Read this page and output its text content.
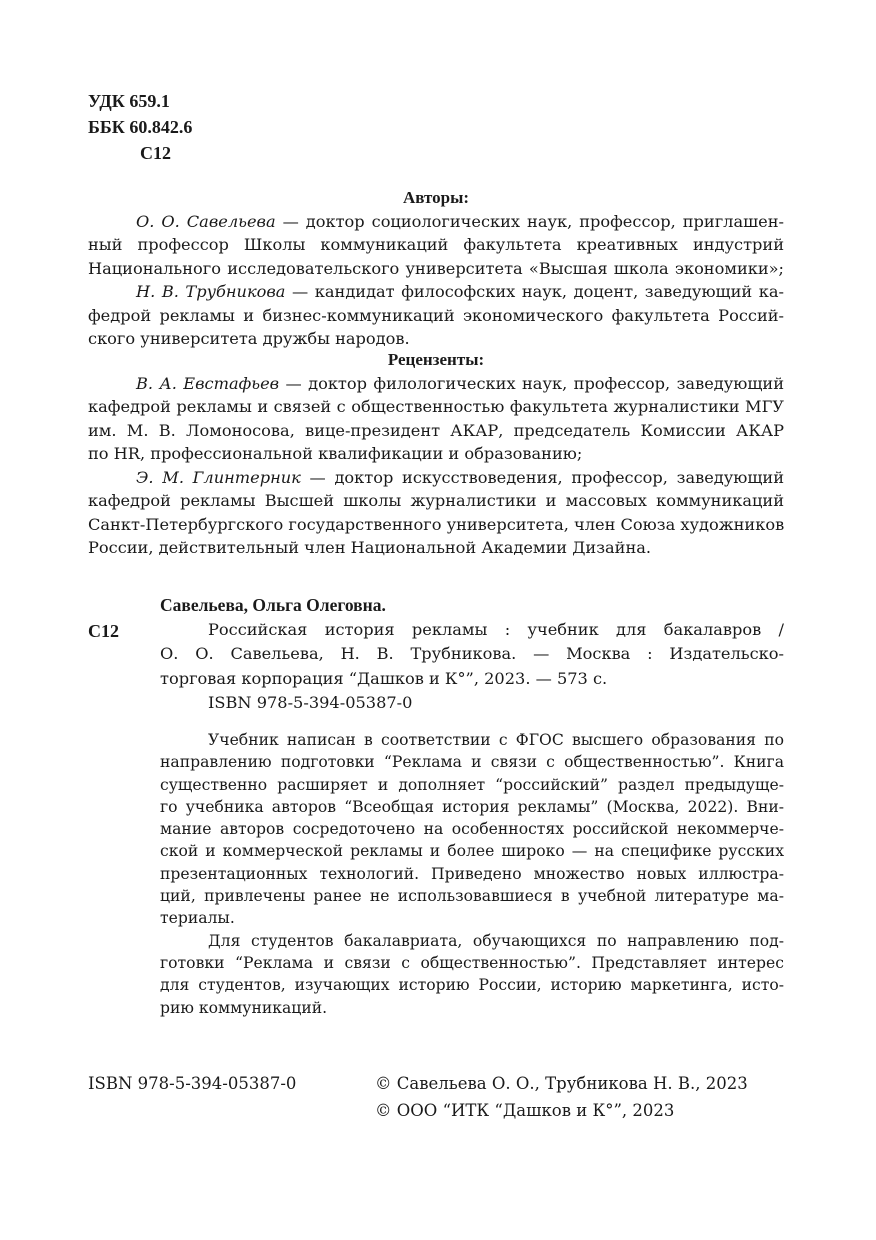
УДК 659.1
ББК 60.842.6
С12
Авторы:
О. О. Савельева — доктор социологических наук, профессор, приглашен-
ный профессор Школы коммуникаций факультета креативных индустрий
Национального исследовательского университета «Высшая школа экономики»;
Н. В. Трубникова — кандидат философских наук, доцент, заведующий ка-
федрой рекламы и бизнес-коммуникаций экономического факультета Россий-
ского университета дружбы народов.
Рецензенты:
В. А. Евстафьев — доктор филологических наук, профессор, заведующий
кафедрой рекламы и связей с общественностью факультета журналистики МГУ
им. М. В. Ломоносова, вице-президент АКАР, председатель Комиссии АКАР
по HR, профессиональной квалификации и образованию;
Э. М. Глинтерник — доктор искусствоведения, профессор, заведующий
кафедрой рекламы Высшей школы журналистики и массовых коммуникаций
Санкт-Петербургского государственного университета, член Союза художников
России, действительный член Национальной Академии Дизайна.
С12
Савельева, Ольга Олеговна.
Российская история рекламы : учебник для бакалавров /
О. О. Савельева, Н. В. Трубникова. — Москва : Издательско-
торговая корпорация “Дашков и К°”, 2023. — 573 с.
ISBN 978-5-394-05387-0
Учебник написан в соответствии с ФГОС высшего образования по
направлению подготовки “Реклама и связи с общественностью”. Книга
существенно расширяет и дополняет “российский” раздел предыдуще-
го учебника авторов “Всеобщая история рекламы” (Москва, 2022). Вни-
мание авторов сосредоточено на особенностях российской некоммерче-
ской и коммерческой рекламы и более широко — на специфике русских
презентационных технологий. Приведено множество новых иллюстра-
ций, привлечены ранее не использовавшиеся в учебной литературе ма-
териалы.
Для студентов бакалавриата, обучающихся по направлению под-
готовки “Реклама и связи с общественностью”. Представляет интерес
для студентов, изучающих историю России, историю маркетинга, исто-
рию коммуникаций.
ISBN 978-5-394-05387-0	© Савельева О. О., Трубникова Н. В., 2023
© ООО “ИТК “Дашков и К°”, 2023
